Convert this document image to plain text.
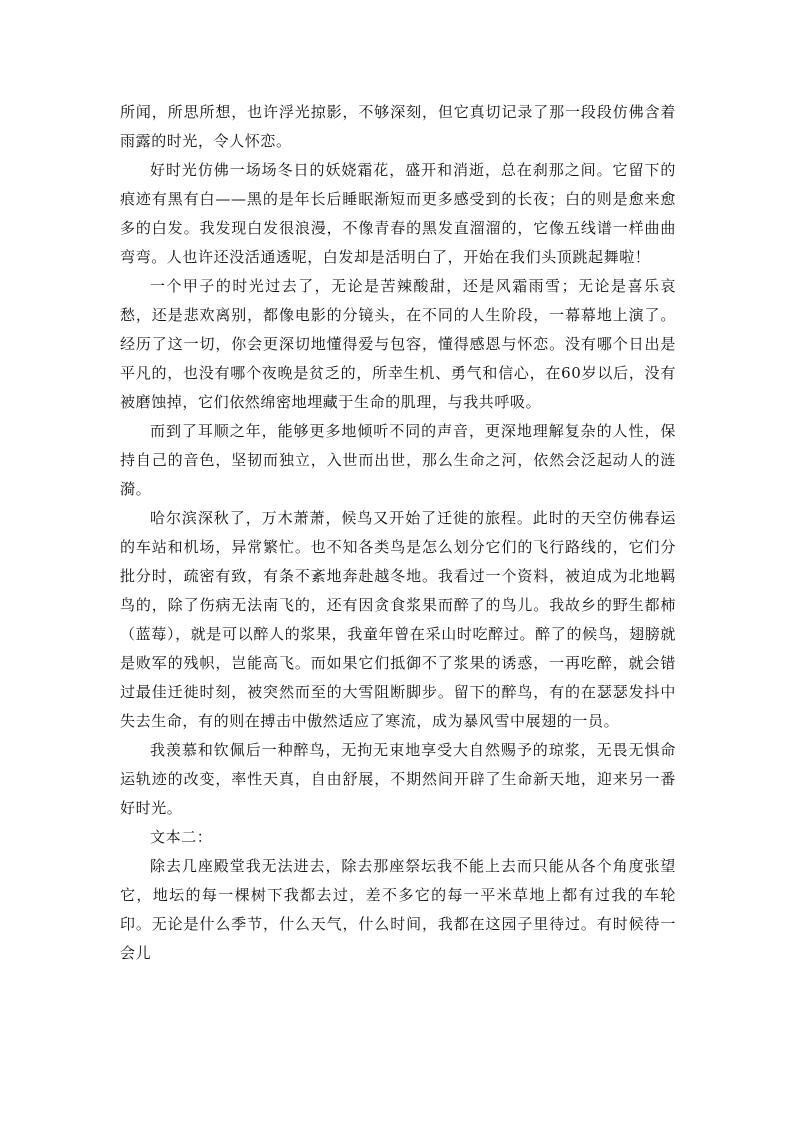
所闻，所思所想，也许浮光掠影，不够深刻，但它真切记录了那一段段仿佛含着雨露的时光，令人怀恋。

好时光仿佛一场场冬日的妖娆霜花，盛开和消逝，总在刹那之间。它留下的痕迹有黑有白——黑的是年长后睡眠渐短而更多感受到的长夜；白的则是愈来愈多的白发。我发现白发很浪漫，不像青春的黑发直溜溜的，它像五线谱一样曲曲弯弯。人也许还没活通透呢，白发却是活明白了，开始在我们头顶跳起舞啦！

一个甲子的时光过去了，无论是苦辣酸甜，还是风霜雨雪；无论是喜乐哀愁，还是悲欢离别，都像电影的分镜头，在不同的人生阶段，一幕幕地上演了。经历了这一切，你会更深切地懂得爱与包容，懂得感恩与怀恋。没有哪个日出是平凡的，也没有哪个夜晚是贫乏的，所幸生机、勇气和信心，在60岁以后，没有被磨蚀掉，它们依然绵密地埋藏于生命的肌理，与我共呼吸。

而到了耳顺之年，能够更多地倾听不同的声音，更深地理解复杂的人性，保持自己的音色，坚韧而独立，入世而出世，那么生命之河，依然会泛起动人的涟漪。

哈尔滨深秋了，万木萧萧，候鸟又开始了迁徙的旅程。此时的天空仿佛春运的车站和机场，异常繁忙。也不知各类鸟是怎么划分它们的飞行路线的，它们分批分时，疏密有致，有条不紊地奔赴越冬地。我看过一个资料，被迫成为北地羁鸟的，除了伤病无法南飞的，还有因贪食浆果而醉了的鸟儿。我故乡的野生都柿（蓝莓），就是可以醉人的浆果，我童年曾在采山时吃醉过。醉了的候鸟，翅膀就是败军的残帜，岂能高飞。而如果它们抵御不了浆果的诱惑，一再吃醉，就会错过最佳迁徙时刻，被突然而至的大雪阻断脚步。留下的醉鸟，有的在瑟瑟发抖中失去生命，有的则在搏击中傲然适应了寒流，成为暴风雪中展翅的一员。

我羡慕和钦佩后一种醉鸟，无拘无束地享受大自然赐予的琼浆，无畏无惧命运轨迹的改变，率性天真，自由舒展，不期然间开辟了生命新天地，迎来另一番好时光。

文本二：

除去几座殿堂我无法进去，除去那座祭坛我不能上去而只能从各个角度张望它，地坛的每一棵树下我都去过，差不多它的每一平米草地上都有过我的车轮印。无论是什么季节，什么天气，什么时间，我都在这园子里待过。有时候待一会儿
